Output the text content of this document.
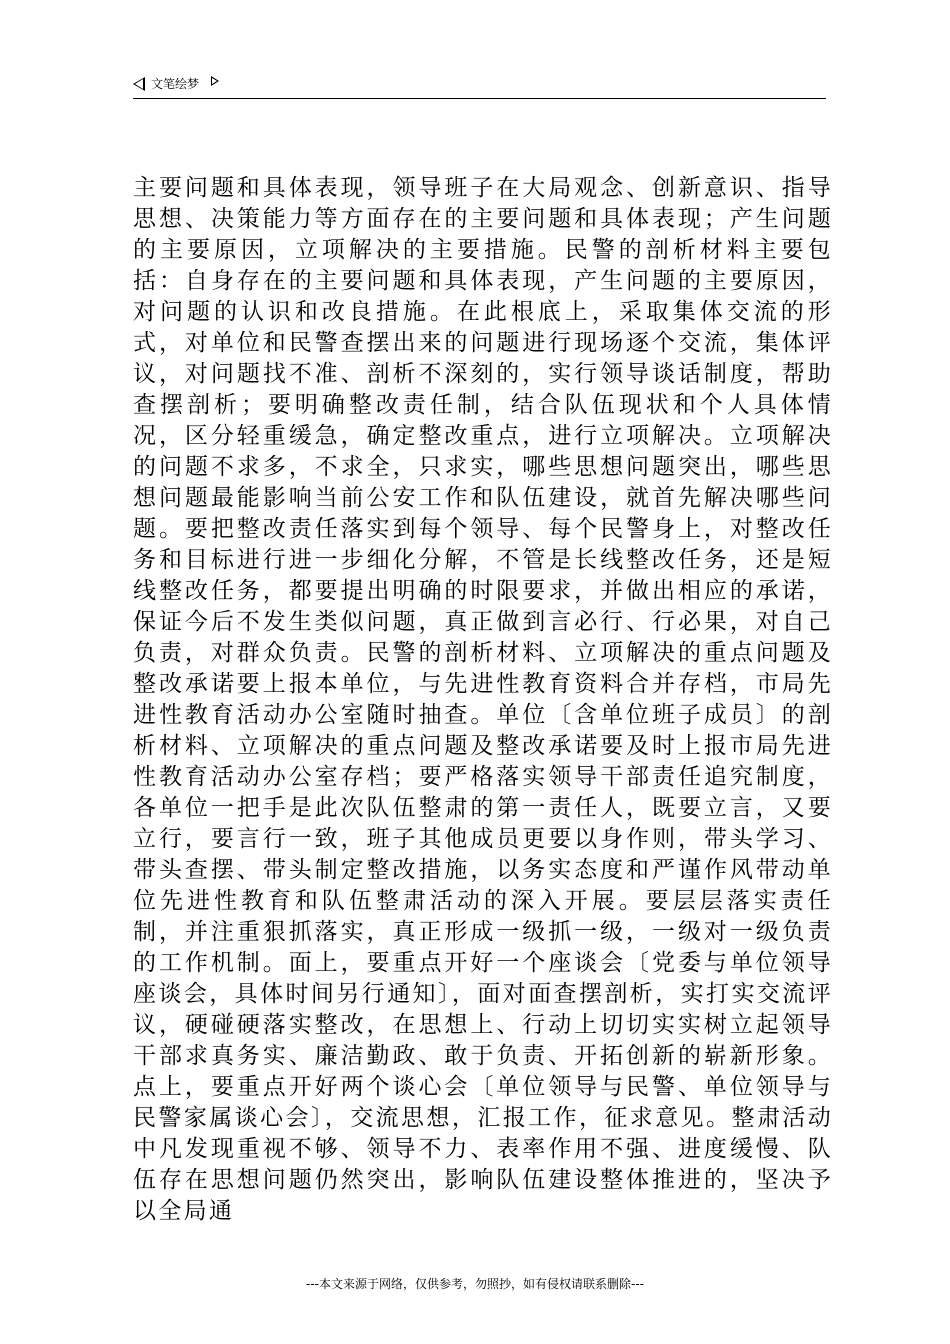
文笔绘梦
主要问题和具体表现，领导班子在大局观念、创新意识、指导思想、决策能力等方面存在的主要问题和具体表现；产生问题的主要原因，立项解决的主要措施。民警的剖析材料主要包括：自身存在的主要问题和具体表现，产生问题的主要原因，对问题的认识和改良措施。在此根底上，采取集体交流的形式，对单位和民警查摆出来的问题进行现场逐个交流，集体评议，对问题找不准、剖析不深刻的，实行领导谈话制度，帮助查摆剖析；要明确整改责任制，结合队伍现状和个人具体情况，区分轻重缓急，确定整改重点，进行立项解决。立项解决的问题不求多，不求全，只求实，哪些思想问题突出，哪些思想问题最能影响当前公安工作和队伍建设，就首先解决哪些问题。要把整改责任落实到每个领导、每个民警身上，对整改任务和目标进行进一步细化分解，不管是长线整改任务，还是短线整改任务，都要提出明确的时限要求，并做出相应的承诺，保证今后不发生类似问题，真正做到言必行、行必果，对自己负责，对群众负责。民警的剖析材料、立项解决的重点问题及整改承诺要上报本单位，与先进性教育资料合并存档，市局先进性教育活动办公室随时抽查。单位〔含单位班子成员〕的剖析材料、立项解决的重点问题及整改承诺要及时上报市局先进性教育活动办公室存档；要严格落实领导干部责任追究制度，各单位一把手是此次队伍整肃的第一责任人，既要立言，又要立行，要言行一致，班子其他成员更要以身作则，带头学习、带头查摆、带头制定整改措施，以务实态度和严谨作风带动单位先进性教育和队伍整肃活动的深入开展。要层层落实责任制，并注重狠抓落实，真正形成一级抓一级，一级对一级负责的工作机制。面上，要重点开好一个座谈会〔党委与单位领导座谈会，具体时间另行通知〕，面对面查摆剖析，实打实交流评议，硬碰硬落实整改，在思想上、行动上切切实实树立起领导干部求真务实、廉洁勤政、敢于负责、开拓创新的崭新形象。点上，要重点开好两个谈心会〔单位领导与民警、单位领导与民警家属谈心会〕，交流思想，汇报工作，征求意见。整肃活动中凡发现重视不够、领导不力、表率作用不强、进度缓慢、队伍存在思想问题仍然突出，影响队伍建设整体推进的，坚决予以全局通
---本文来源于网络，仅供参考，勿照抄，如有侵权请联系删除---
